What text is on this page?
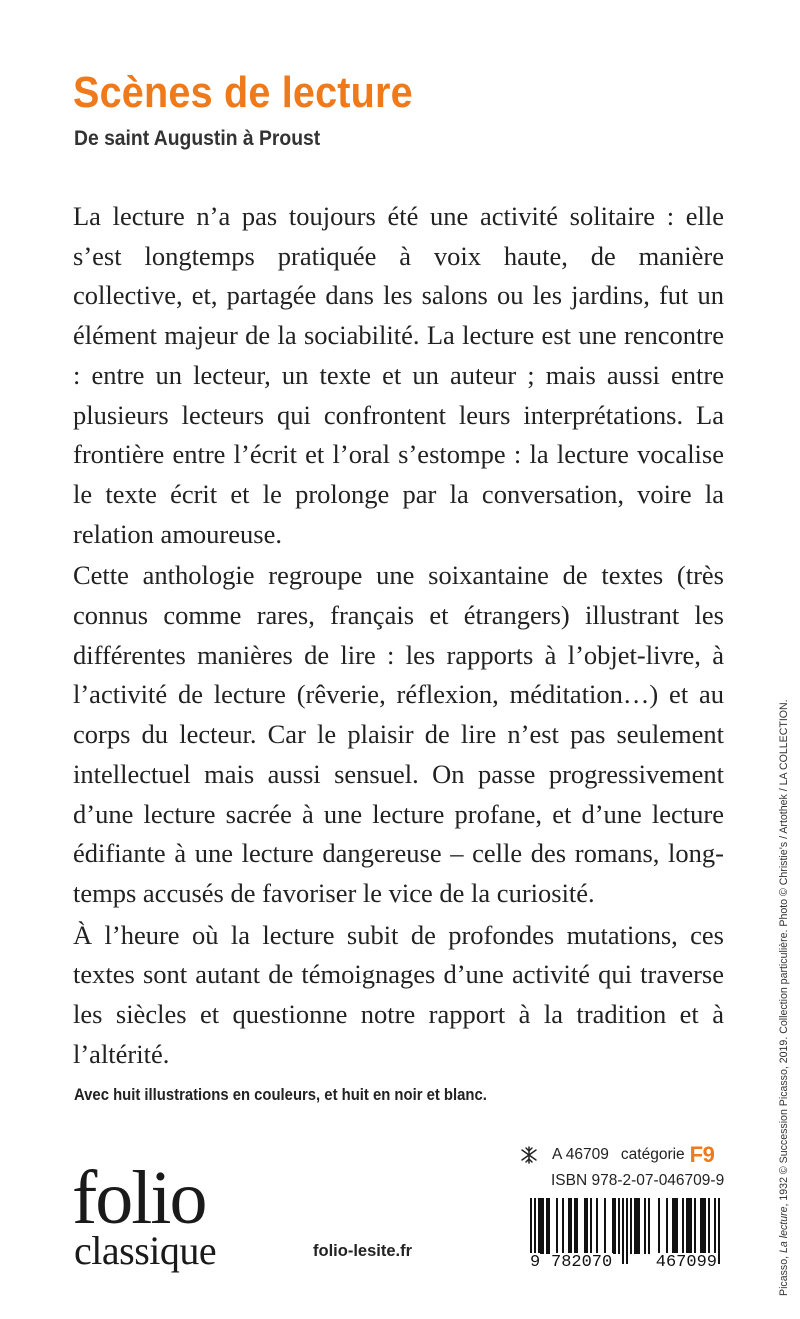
Scènes de lecture
De saint Augustin à Proust

La lecture n’a pas toujours été une activité solitaire : elle s’est longtemps pratiquée à voix haute, de manière collective, et, partagée dans les salons ou les jardins, fut un élément majeur de la sociabilité. La lecture est une rencontre : entre un lecteur, un texte et un auteur ; mais aussi entre plusieurs lecteurs qui confrontent leurs interprétations. La frontière entre l’écrit et l’oral s’estompe : la lecture vocalise le texte écrit et le prolonge par la conversation, voire la relation amoureuse.

Cette anthologie regroupe une soixantaine de textes (très connus comme rares, français et étrangers) illustrant les différentes manières de lire : les rapports à l’objet-livre, à l’activité de lecture (rêverie, réflexion, méditation…) et au corps du lecteur. Car le plaisir de lire n’est pas seulement intellectuel mais aussi sensuel. On passe progressivement d’une lecture sacrée à une lecture profane, et d’une lecture édifiante à une lecture dangereuse – celle des romans, long-temps accusés de favoriser le vice de la curiosité.

À l’heure où la lecture subit de profondes mutations, ces textes sont autant de témoignages d’une activité qui traverse les siècles et questionne notre rapport à la tradition et à l’altérité.

Avec huit illustrations en couleurs, et huit en noir et blanc.
Picasso, La lecture, 1932 © Succession Picasso, 2019. Collection particulière. Photo © Christie’s / Artothek / LA COLLECTION.
folio
classique	folio-lesite.fr
A 46709 catégorie F9
ISBN 978-2-07-046709-9
9 782070	467099
